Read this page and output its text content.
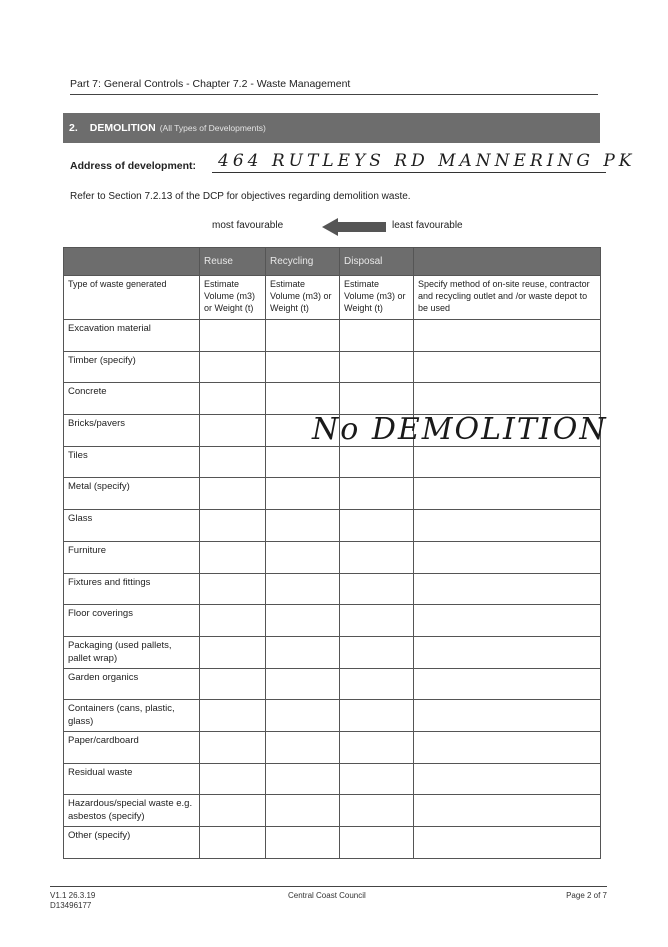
Part 7: General Controls - Chapter 7.2 - Waste Management
2. DEMOLITION (All Types of Developments)
Address of development: 464 RUTLEYS RD MANNERING PK
Refer to Section 7.2.13 of the DCP for objectives regarding demolition waste.
most favourable	least favourable
	Reuse	Recycling	Disposal	
Type of waste generated	Estimate Volume (m3) or Weight (t)	Estimate Volume (m3) or Weight (t)	Estimate Volume (m3) or Weight (t)	Specify method of on-site reuse, contractor and recycling outlet and /or waste depot to be used
Excavation material				
Timber (specify)				
Concrete				
Bricks/pavers				
Tiles				
Metal (specify)				
Glass				
Furniture				
Fixtures and fittings				
Floor coverings				
Packaging (used pallets, pallet wrap)				
Garden organics				
Containers (cans, plastic, glass)				
Paper/cardboard				
Residual waste				
Hazardous/special waste e.g. asbestos (specify)				
Other (specify)				
No DEMOLITION
V1.1 26.3.19
D13496177
Central Coast Council	Page 2 of 7
